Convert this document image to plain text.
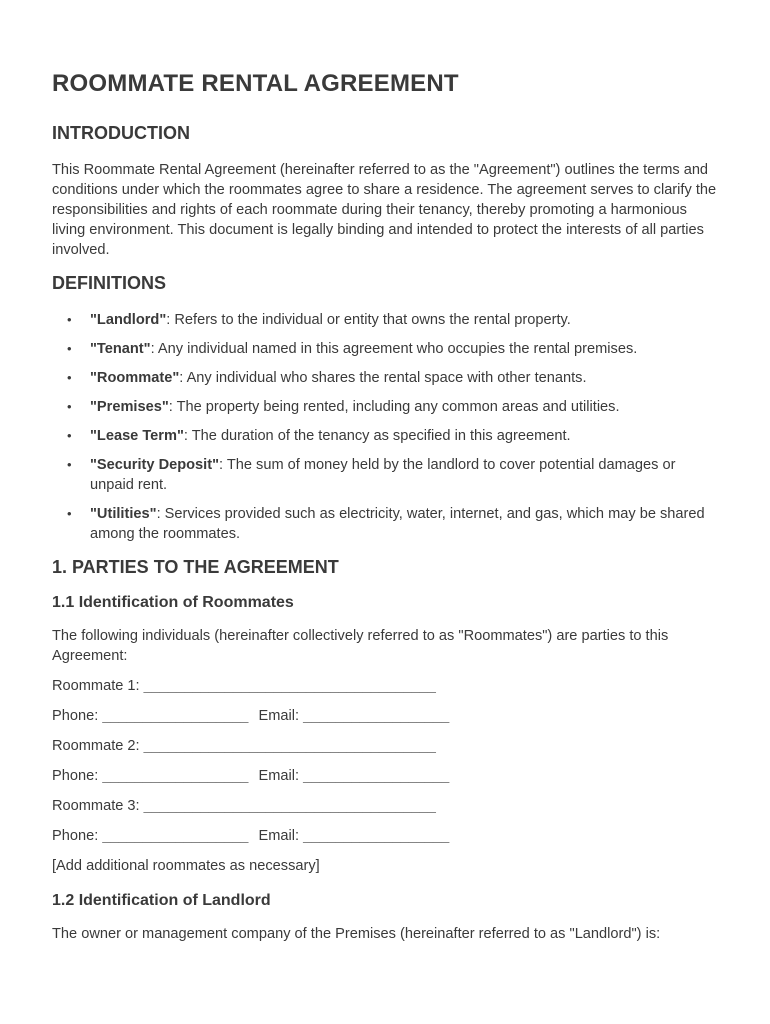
ROOMMATE RENTAL AGREEMENT
INTRODUCTION

This Roommate Rental Agreement (hereinafter referred to as the "Agreement") outlines the terms and conditions under which the roommates agree to share a residence. The agreement serves to clarify the responsibilities and rights of each roommate during their tenancy, thereby promoting a harmonious living environment. This document is legally binding and intended to protect the interests of all parties involved.

DEFINITIONS
• "Landlord": Refers to the individual or entity that owns the rental property.
• "Tenant": Any individual named in this agreement who occupies the rental premises.
• "Roommate": Any individual who shares the rental space with other tenants.
• "Premises": The property being rented, including any common areas and utilities.
• "Lease Term": The duration of the tenancy as specified in this agreement.
• "Security Deposit": The sum of money held by the landlord to cover potential damages or unpaid rent.
• "Utilities": Services provided such as electricity, water, internet, and gas, which may be shared among the roommates.
1. PARTIES TO THE AGREEMENT
1.1 Identification of Roommates

The following individuals (hereinafter collectively referred to as "Roommates") are parties to this Agreement:

Roommate 1: ____________________________________

Phone: __________________ Email: __________________

Roommate 2: ____________________________________

Phone: __________________ Email: __________________

Roommate 3: ____________________________________

Phone: __________________ Email: __________________

[Add additional roommates as necessary]

1.2 Identification of Landlord

The owner or management company of the Premises (hereinafter referred to as "Landlord") is:
